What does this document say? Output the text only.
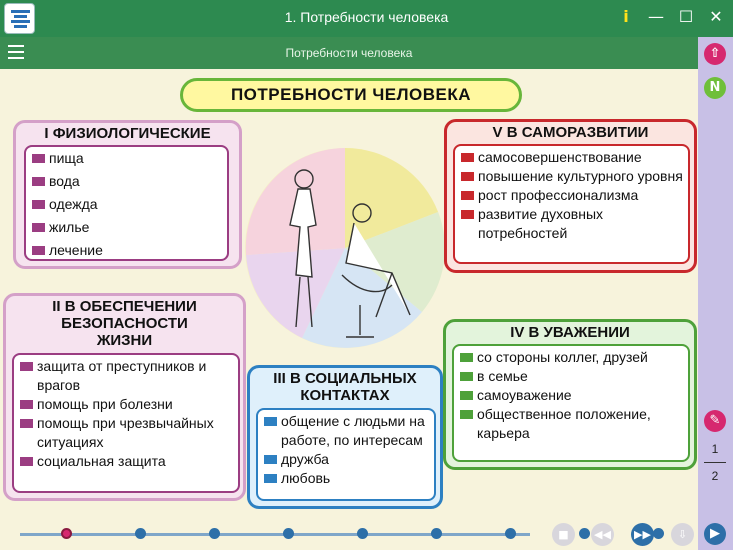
1. Потребности человека	i	— ☐ ✕
Потребности человека	⇧
N
✎
1
2
▶
ПОТРЕБНОСТИ ЧЕЛОВЕКА
I ФИЗИОЛОГИЧЕСКИЕ
пища
вода
одежда
жилье
лечение
II В ОБЕСПЕЧЕНИИ
БЕЗОПАСНОСТИ
ЖИЗНИ
защита от преступников и врагов
помощь при болезни
помощь при чрезвычайных ситуациях
социальная защита
III В СОЦИАЛЬНЫХ
КОНТАКТАХ
общение с людьми на работе, по интересам
дружба
любовь
IV В УВАЖЕНИИ
со стороны коллег, друзей
в семье
самоуважение
общественное положение, карьера
V В САМОРАЗВИТИИ
самосовершенствование
повышение культурного уровня
рост профессионализма
развитие духовных потребностей
■	◀◀ ▶▶	⇩
